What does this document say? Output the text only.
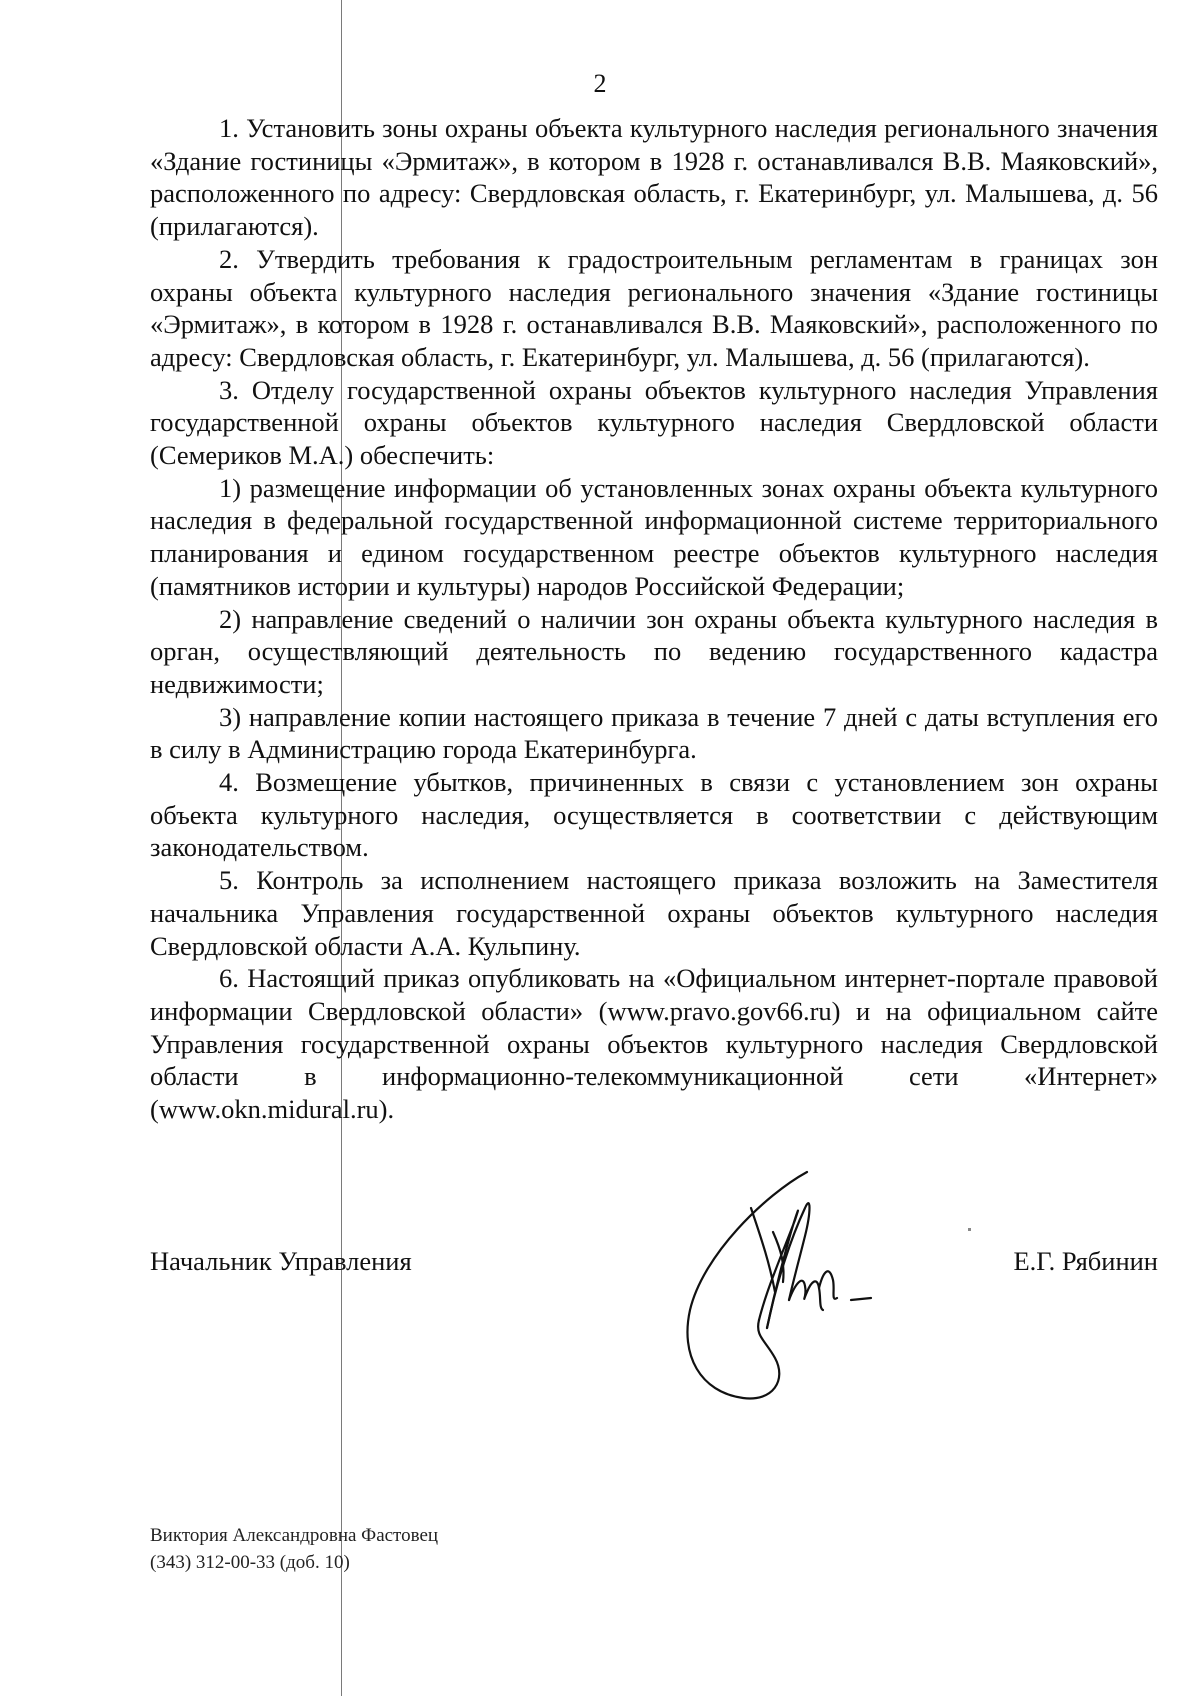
2

1. Установить зоны охраны объекта культурного наследия регионального значения «Здание гостиницы «Эрмитаж», в котором в 1928 г. останавливался В.В. Маяковский», расположенного по адресу: Свердловская область, г. Екатеринбург, ул. Малышева, д. 56 (прилагаются).

2. Утвердить требования к градостроительным регламентам в границах зон охраны объекта культурного наследия регионального значения «Здание гостиницы «Эрмитаж», в котором в 1928 г. останавливался В.В. Маяковский», расположенного по адресу: Свердловская область, г. Екатеринбург, ул. Малышева, д. 56 (прилагаются).

3. Отделу государственной охраны объектов культурного наследия Управления государственной охраны объектов культурного наследия Свердловской области (Семериков М.А.) обеспечить:

1) размещение информации об установленных зонах охраны объекта культурного наследия в федеральной государственной информационной системе территориального планирования и едином государственном реестре объектов культурного наследия (памятников истории и культуры) народов Российской Федерации;

2) направление сведений о наличии зон охраны объекта культурного наследия в орган, осуществляющий деятельность по ведению государственного кадастра недвижимости;

3) направление копии настоящего приказа в течение 7 дней с даты вступления его в силу в Администрацию города Екатеринбурга.

4. Возмещение убытков, причиненных в связи с установлением зон охраны объекта культурного наследия, осуществляется в соответствии с действующим законодательством.

5. Контроль за исполнением настоящего приказа возложить на Заместителя начальника Управления государственной охраны объектов культурного наследия Свердловской области А.А. Кульпину.

6. Настоящий приказ опубликовать на «Официальном интернет-портале правовой информации Свердловской области» (www.pravo.gov66.ru) и на официальном сайте Управления государственной охраны объектов культурного наследия Свердловской области в информационно-телекоммуникационной сети «Интернет» (www.okn.midural.ru).

Начальник Управления	Е.Г. Рябинин
Виктория Александровна Фастовец
(343) 312-00-33 (доб. 10)
